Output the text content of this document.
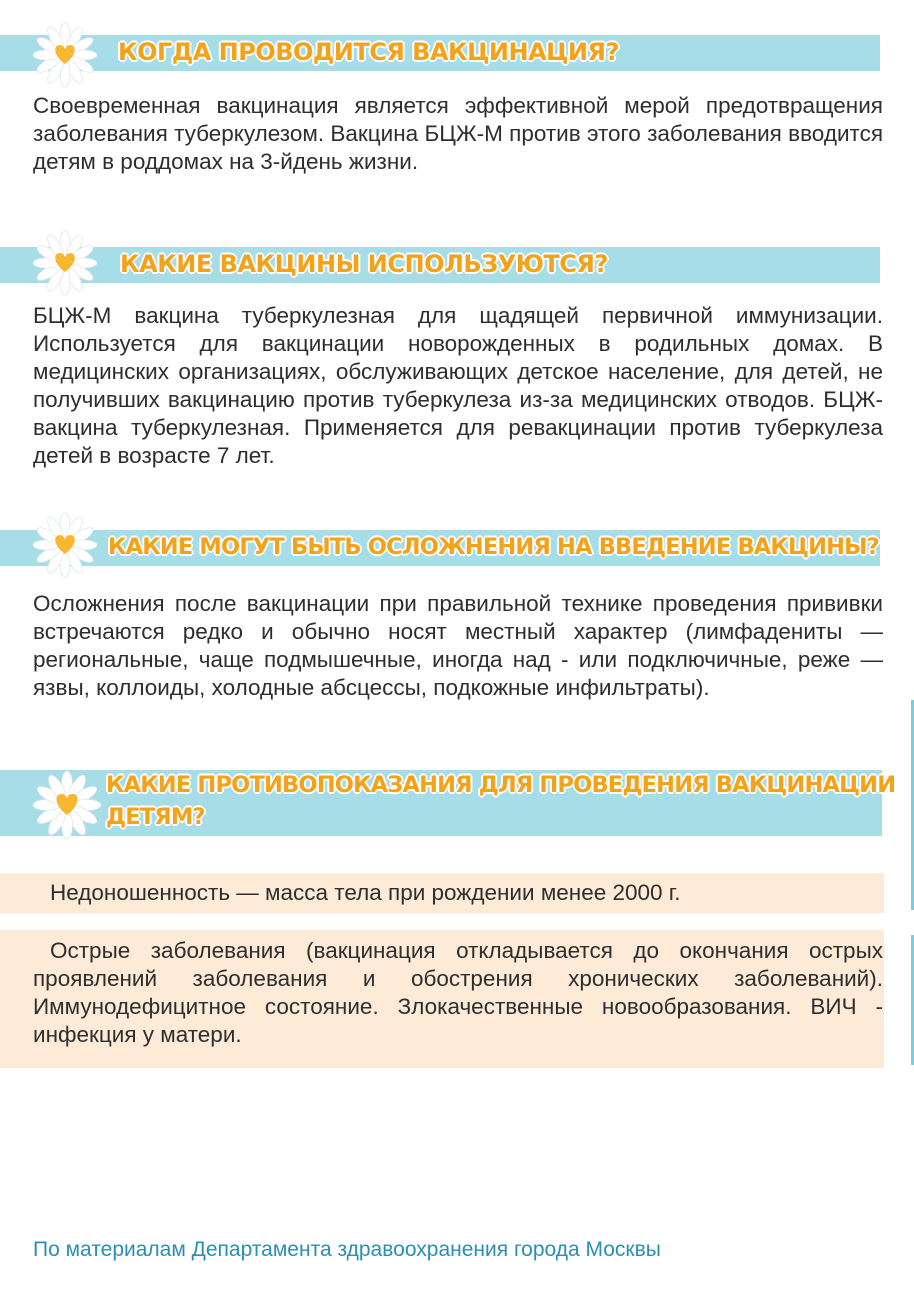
КОГДА ПРОВОДИТСЯ ВАКЦИНАЦИЯ?

Своевременная вакцинация является эффективной мерой предотвращения заболевания туберкулезом. Вакцина БЦЖ-М против этого заболевания вводится детям в роддомах на 3-йдень жизни.

КАКИЕ ВАКЦИНЫ ИСПОЛЬЗУЮТСЯ?

БЦЖ-М вакцина туберкулезная для щадящей первичной иммунизации. Используется для вакцинации новорожденных в родильных домах. В медицинских организациях, обслуживающих детское население, для детей, не получивших вакцинацию против туберкулеза из-за медицинских отводов. БЦЖ- вакцина туберкулезная. Применяется для ревакцинации против туберкулеза детей в возрасте 7 лет.

КАКИЕ МОГУТ БЫТЬ ОСЛОЖНЕНИЯ НА ВВЕДЕНИЕ ВАКЦИНЫ?

Осложнения после вакцинации при правильной технике проведения прививки встречаются редко и обычно носят местный характер (лимфадениты — региональные, чаще подмышечные, иногда над - или подключичные, реже — язвы, коллоиды, холодные абсцессы, подкожные инфильтраты).

КАКИЕ ПРОТИВОПОКАЗАНИЯ ДЛЯ ПРОВЕДЕНИЯ ВАКЦИНАЦИИ
ДЕТЯМ?

Недоношенность — масса тела при рождении менее 2000 г.

Острые заболевания (вакцинация откладывается до окончания острых проявлений заболевания и обострения хронических заболеваний). Иммунодефицитное состояние. Злокачественные новообразования. ВИЧ - инфекция у матери.

По материалам Департамента здравоохранения города Москвы
